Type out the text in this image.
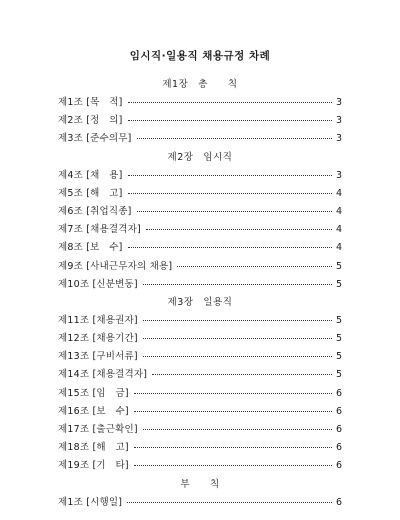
임시직·일용직 채용규정 차례
제1장　총　　칙
제1조 [목　적]	3
제2조 [정　의]	3
제3조 [준수의무]	3
제2장　임시직
제4조 [채　용]	3
제5조 [해　고]	4
제6조 [취업직종]	4
제7조 [채용결격자]	4
제8조 [보　수]	4
제9조 [사내근무자의 채용]	5
제10조 [신분변동]	5
제3장　일용직
제11조 [채용권자]	5
제12조 [채용기간]	5
제13조 [구비서류]	5
제14조 [채용결격자]	5
제15조 [임　금]	6
제16조 [보　수]	6
제17조 [출근확인]	6
제18조 [해　고]	6
제19조 [기　타]	6
부　　칙
제1조 [시행일]	6
